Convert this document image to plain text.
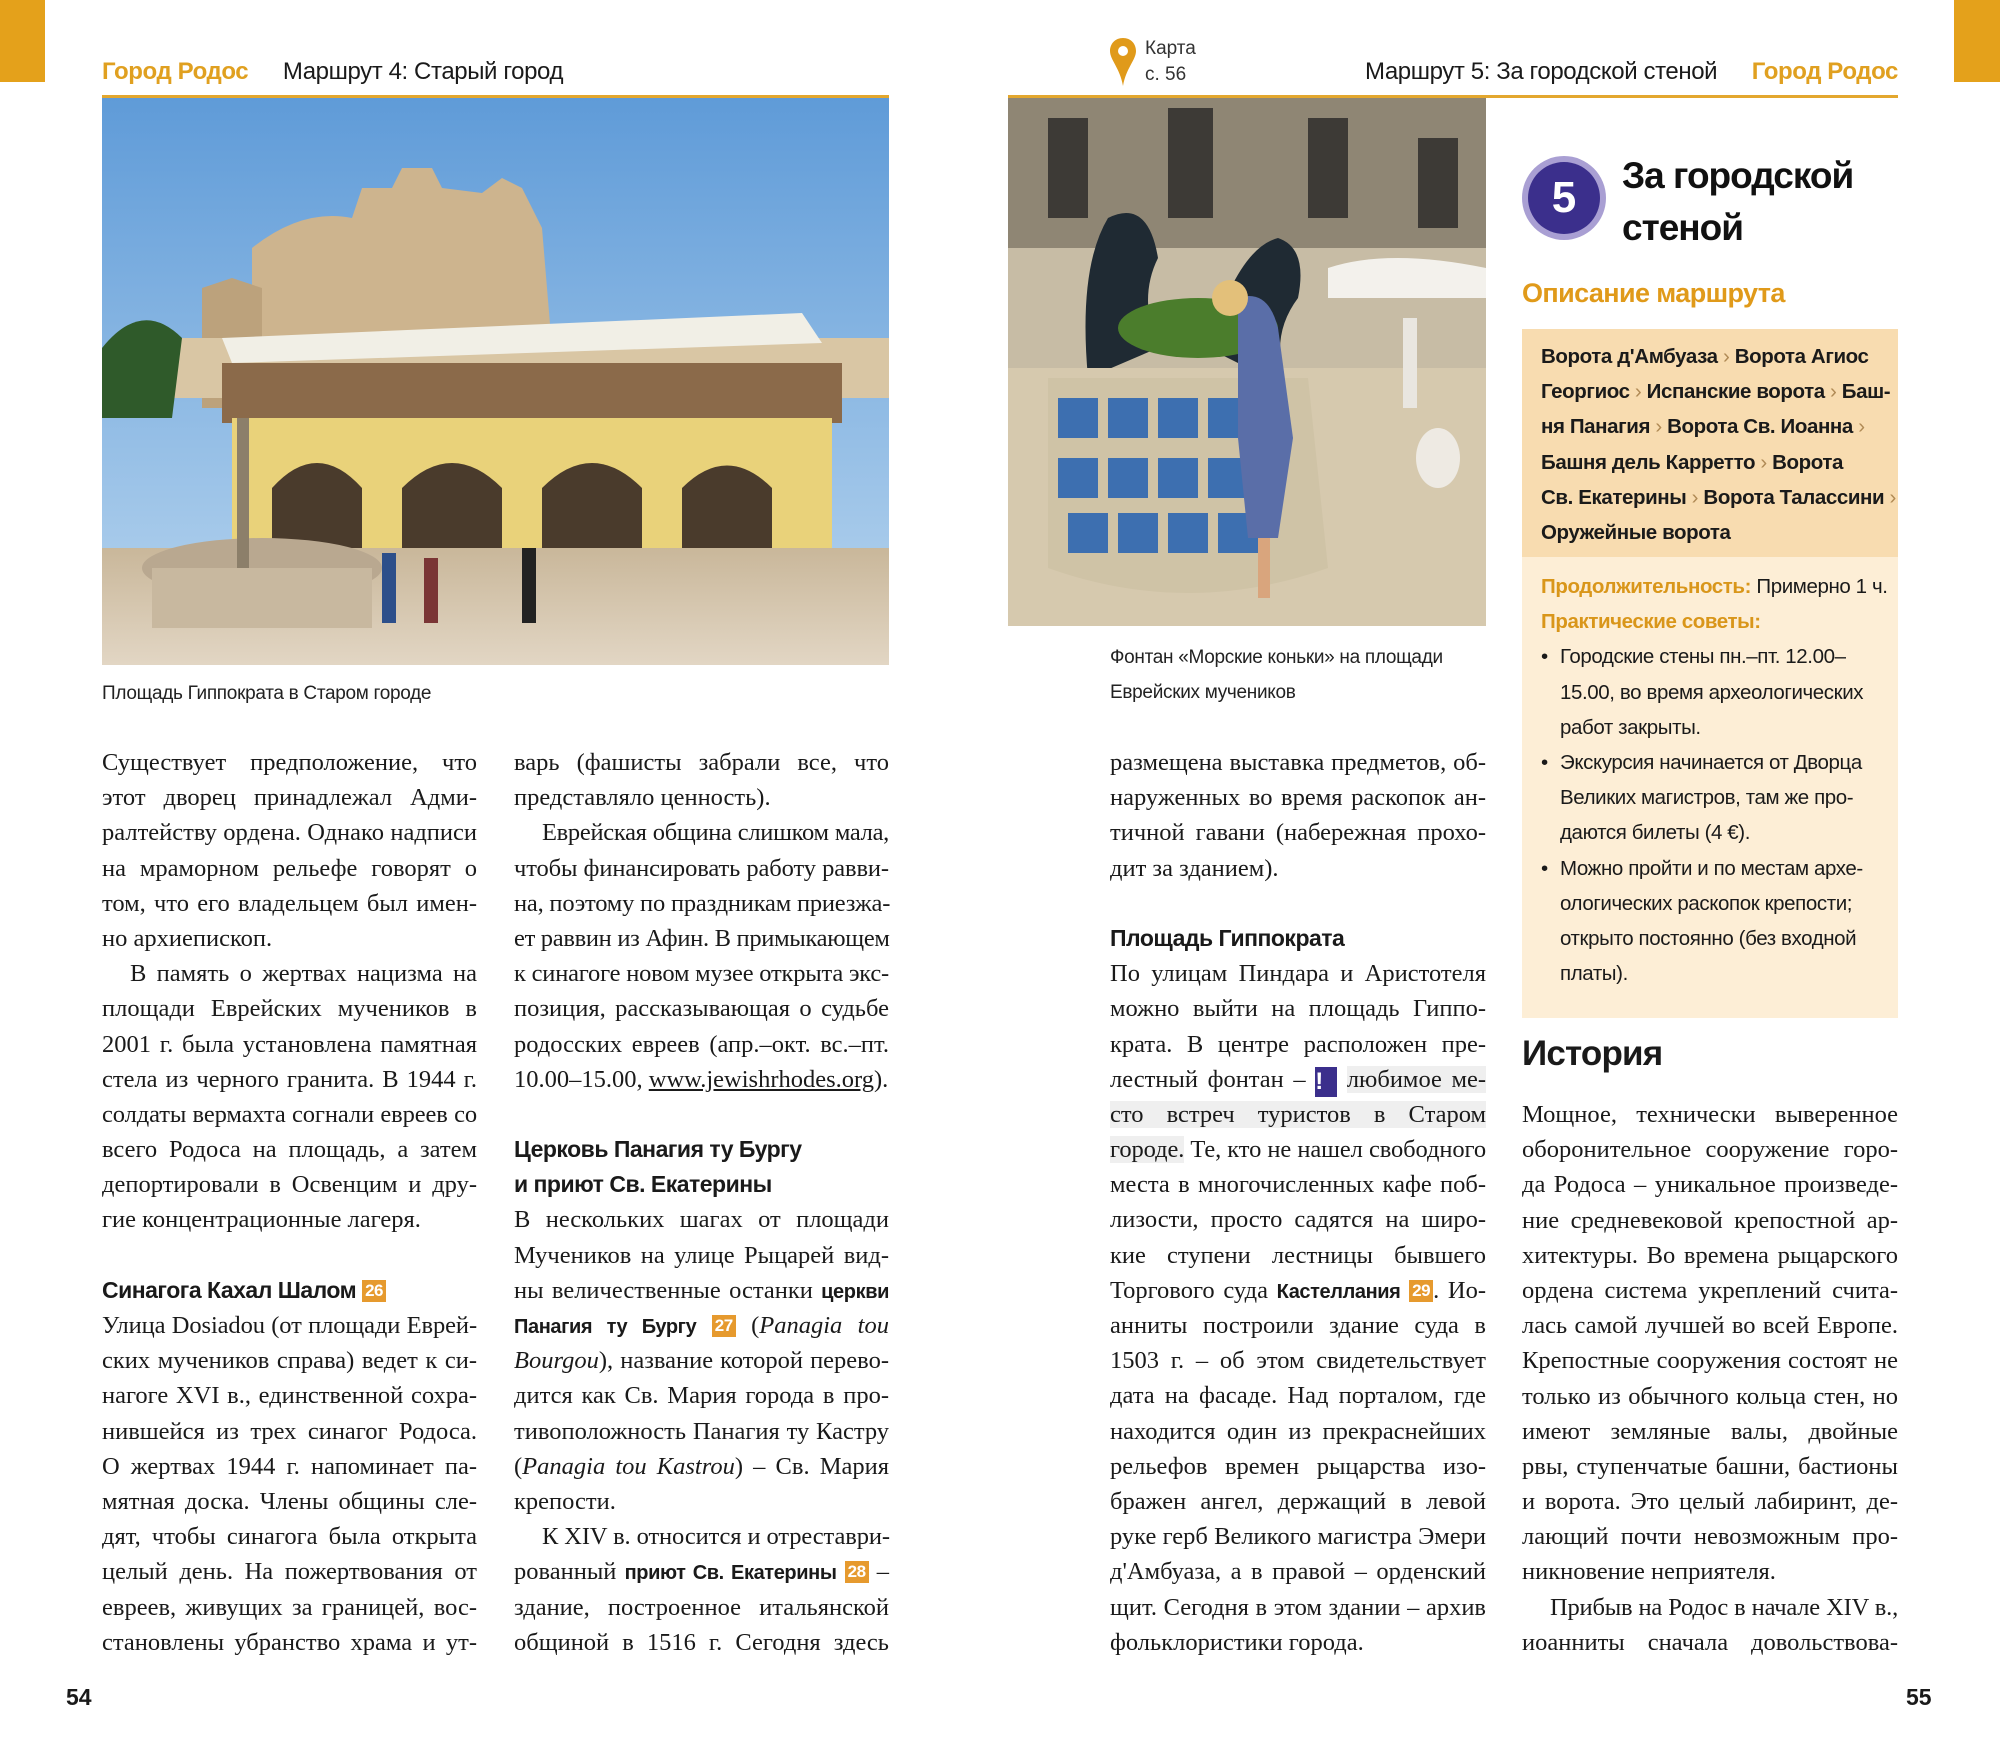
Город Родос Маршрут 4: Старый город
Площадь Гиппократа в Старом городе
Существует предположение, что
этот дворец принадлежал Адми-
ралтейству ордена. Однако надписи
на мраморном рельефе говорят о
том, что его владельцем был имен-
но архиепископ.
В память о жертвах нацизма на
площади Еврейских мучеников в
2001 г. была установлена памятная
стела из черного гранита. В 1944 г.
солдаты вермахта согнали евреев со
всего Родоса на площадь, а затем
депортировали в Освенцим и дру-
гие концентрационные лагеря.
Синагога Кахал Шалом 26
Улица Dosiadou (от площади Еврей-
ских мучеников справа) ведет к си-
нагоге XVI в., единственной сохра-
нившейся из трех синагог Родоса.
О жертвах 1944 г. напоминает па-
мятная доска. Члены общины сле-
дят, чтобы синагога была открыта
целый день. На пожертвования от
евреев, живущих за границей, вос-
становлены убранство храма и ут-
варь (фашисты забрали все, что
представляло ценность).
Еврейская община слишком мала,
чтобы финансировать работу равви-
на, поэтому по праздникам приезжа-
ет раввин из Афин. В примыкающем
к синагоге новом музее открыта экс-
позиция, рассказывающая о судьбе
родосских евреев (апр.–окт. вс.–пт.
10.00–15.00, www.jewishrhodes.org).
Церковь Панагия ту Бургу
и приют Св. Екатерины
В нескольких шагах от площади
Мучеников на улице Рыцарей вид-
ны величественные останки церкви
Панагия ту Бургу 27 (Panagia tou
Bourgou), название которой перево-
дится как Св. Мария города в про-
тивоположность Панагия ту Кастру
(Panagia tou Kastrou) – Св. Мария
крепости.
К XIV в. относится и отреставри-
рованный приют Св. Екатерины 28 –
здание, построенное итальянской
общиной в 1516 г. Сегодня здесь
54
Карта
с. 56	Маршрут 5: За городской стеной Город Родос
Фонтан «Морские коньки» на площади
Еврейских мучеников
размещена выставка предметов, об-
наруженных во время раскопок ан-
тичной гавани (набережная прохо-
дит за зданием).
Площадь Гиппократа
По улицам Пиндара и Аристотеля
можно выйти на площадь Гиппо-
крата. В центре расположен пре-
лестный фонтан – ! любимое ме-
сто встреч туристов в Старом
городе. Те, кто не нашел свободного
места в многочисленных кафе поб-
лизости, просто садятся на широ-
кие ступени лестницы бывшего
Торгового суда Кастеллания 29 . Ио-
анниты построили здание суда в
1503 г. – об этом свидетельствует
дата на фасаде. Над порталом, где
находится один из прекраснейших
рельефов времен рыцарства изо-
бражен ангел, держащий в левой
руке герб Великого магистра Эмери
д'Амбуаза, а в правой – орденский
щит. Сегодня в этом здании – архив
фольклористики города.
5	За городской
стеной
Описание маршрута
Ворота д'Амбуаза › Ворота Агиос
Георгиос › Испанские ворота › Баш-
ня Панагия › Ворота Св. Иоанна ›
Башня дель Карретто › Ворота
Св. Екатерины › Ворота Талассини ›
Оружейные ворота
Продолжительность: Примерно 1 ч.
Практические советы:
• Городские стены пн.–пт. 12.00–
15.00, во время археологических
работ закрыты.
• Экскурсия начинается от Дворца
Великих магистров, там же про-
даются билеты (4 €).
• Можно пройти и по местам архе-
ологических раскопок крепости;
открыто постоянно (без входной
платы).
История
Мощное, технически выверенное
оборонительное сооружение горо-
да Родоса – уникальное произведе-
ние средневековой крепостной ар-
хитектуры. Во времена рыцарского
ордена система укреплений счита-
лась самой лучшей во всей Европе.
Крепостные сооружения состоят не
только из обычного кольца стен, но
имеют земляные валы, двойные
рвы, ступенчатые башни, бастионы
и ворота. Это целый лабиринт, де-
лающий почти невозможным про-
никновение неприятеля.
Прибыв на Родос в начале XIV в.,
иоанниты сначала довольствова-
55
